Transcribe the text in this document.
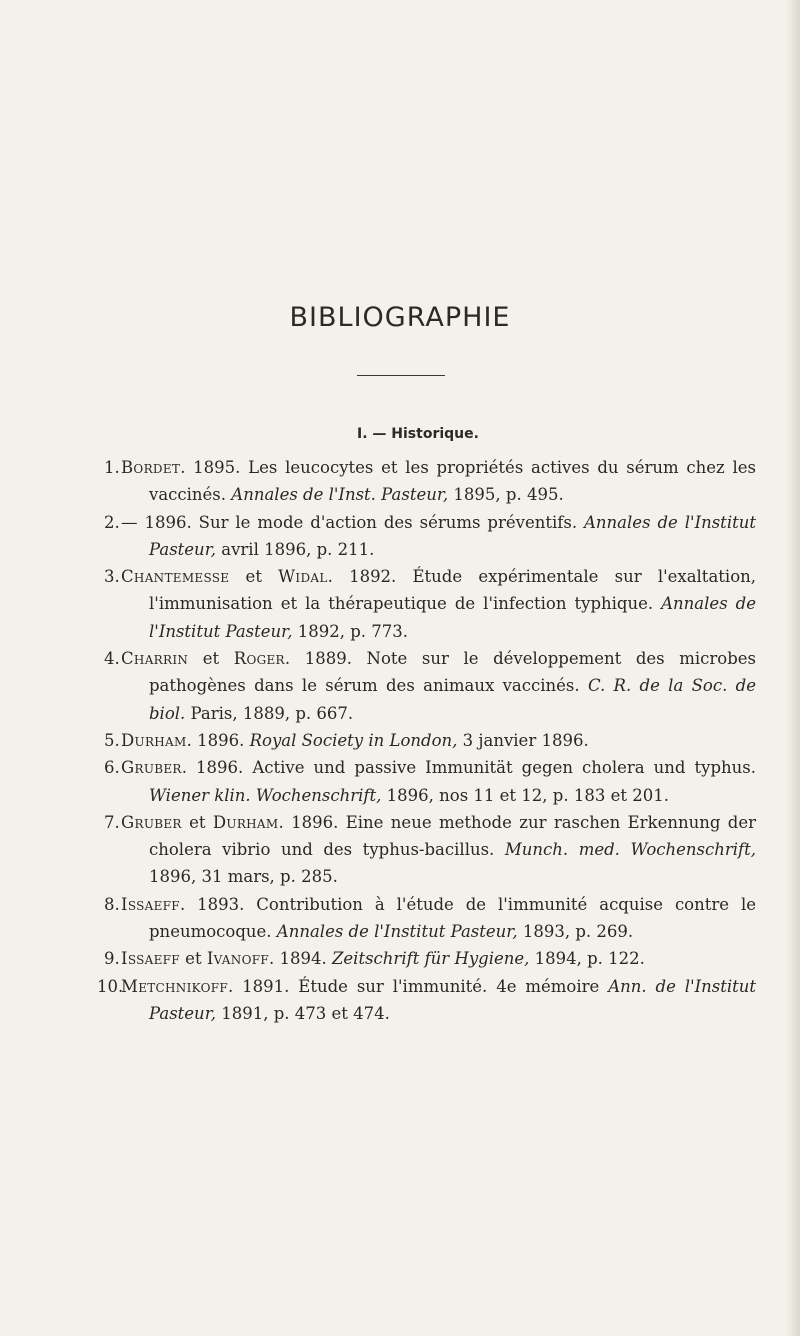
BIBLIOGRAPHIE
I. — Historique.
1. Bordet. 1895. Les leucocytes et les propriétés actives du sérum chez les vaccinés. Annales de l'Inst. Pasteur, 1895, p. 495.
2. — 1896. Sur le mode d'action des sérums préventifs. Annales de l'Institut Pasteur, avril 1896, p. 211.
3. Chantemesse et Widal. 1892. Étude expérimentale sur l'exaltation, l'immunisation et la thérapeutique de l'infection typhique. Annales de l'Institut Pasteur, 1892, p. 773.
4. Charrin et Roger. 1889. Note sur le développement des microbes pathogènes dans le sérum des animaux vaccinés. C. R. de la Soc. de biol. Paris, 1889, p. 667.
5. Durham. 1896. Royal Society in London, 3 janvier 1896.
6. Gruber. 1896. Active und passive Immunität gegen cholera und typhus. Wiener klin. Wochenschrift, 1896, nos 11 et 12, p. 183 et 201.
7. Gruber et Durham. 1896. Eine neue methode zur raschen Erkennung der cholera vibrio und des typhus-bacillus. Munch. med. Wochenschrift, 1896, 31 mars, p. 285.
8. Issaeff. 1893. Contribution à l'étude de l'immunité acquise contre le pneumocoque. Annales de l'Institut Pasteur, 1893, p. 269.
9. Issaeff et Ivanoff. 1894. Zeitschrift für Hygiene, 1894, p. 122.
10.
Metchnikoff. 1891. Étude sur l'immunité. 4e mémoire Ann. de l'Institut Pasteur, 1891, p. 473 et 474.
